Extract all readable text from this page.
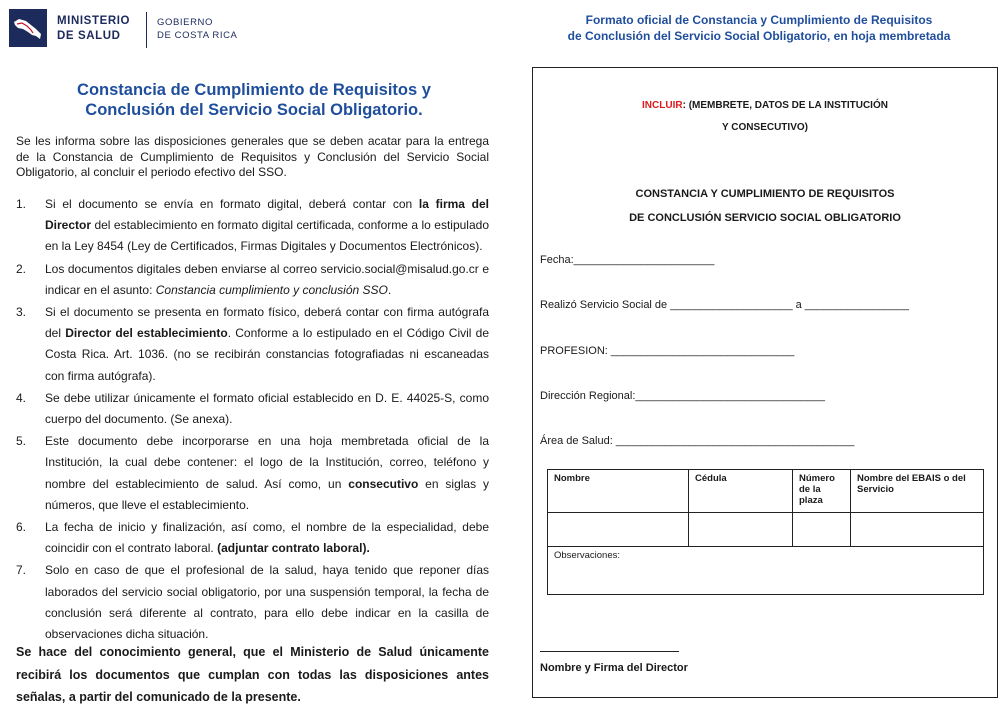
MINISTERIO
DE SALUD
GOBIERNO
DE COSTA RICA
Constancia de Cumplimiento de Requisitos y
Conclusión del Servicio Social Obligatorio.
Se les informa sobre las disposiciones generales que se deben acatar para la entrega de la Constancia de Cumplimiento de Requisitos y Conclusión del Servicio Social Obligatorio, al concluir el periodo efectivo del SSO.
1. Si el documento se envía en formato digital, deberá contar con la firma del Director del establecimiento en formato digital certificada, conforme a lo estipulado en la Ley 8454 (Ley de Certificados, Firmas Digitales y Documentos Electrónicos).
2. Los documentos digitales deben enviarse al correo servicio.social@misalud.go.cr e indicar en el asunto: Constancia cumplimiento y conclusión SSO.
3. Si el documento se presenta en formato físico, deberá contar con firma autógrafa del Director del establecimiento. Conforme a lo estipulado en el Código Civil de Costa Rica. Art. 1036. (no se recibirán constancias fotografiadas ni escaneadas con firma autógrafa).
4. Se debe utilizar únicamente el formato oficial establecido en D. E. 44025-S, como cuerpo del documento. (Se anexa).
5. Este documento debe incorporarse en una hoja membretada oficial de la Institución, la cual debe contener: el logo de la Institución, correo, teléfono y nombre del establecimiento de salud. Así como, un consecutivo en siglas y números, que lleve el establecimiento.
6. La fecha de inicio y finalización, así como, el nombre de la especialidad, debe coincidir con el contrato laboral. (adjuntar contrato laboral).
7. Solo en caso de que el profesional de la salud, haya tenido que reponer días laborados del servicio social obligatorio, por una suspensión temporal, la fecha de conclusión será diferente al contrato, para ello debe indicar en la casilla de observaciones dicha situación.
Se hace del conocimiento general, que el Ministerio de Salud únicamente recibirá los documentos que cumplan con todas las disposiciones antes señalas, a partir del comunicado de la presente.
Formato oficial de Constancia y Cumplimiento de Requisitos
de Conclusión del Servicio Social Obligatorio, en hoja membretada
INCLUIR: (MEMBRETE, DATOS DE LA INSTITUCIÓN
Y CONSECUTIVO)
CONSTANCIA Y CUMPLIMIENTO DE REQUISITOS
DE CONCLUSIÓN SERVICIO SOCIAL OBLIGATORIO
Fecha:_______________________
Realizó Servicio Social de ____________________ a _________________
PROFESION: ______________________________
Dirección Regional:_______________________________
Área de Salud: _______________________________________
Nombre	Cédula	Número de la plaza	Nombre del EBAIS o del Servicio

Observaciones:			
Nombre y Firma del Director
